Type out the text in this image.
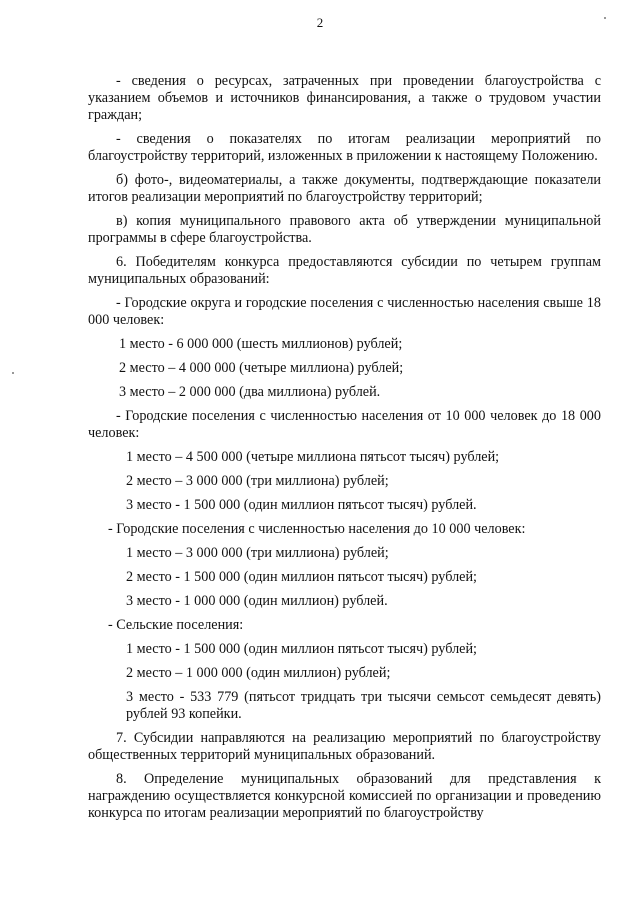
2

- сведения о ресурсах, затраченных при проведении благоустройства с указанием объемов и источников финансирования, а также о трудовом участии граждан;

- сведения о показателях по итогам реализации мероприятий по благоустройству территорий, изложенных в приложении к настоящему Положению.

б) фото-, видеоматериалы, а также документы, подтверждающие показатели итогов реализации мероприятий по благоустройству территорий;

в) копия муниципального правового акта об утверждении муниципальной программы в сфере благоустройства.

6. Победителям конкурса предоставляются субсидии по четырем группам муниципальных образований:

- Городские округа и городские поселения с численностью населения свыше 18 000 человек:

1 место - 6 000 000 (шесть миллионов) рублей;

2 место – 4 000 000 (четыре миллиона) рублей;

3 место – 2 000 000 (два миллиона) рублей.

- Городские поселения с численностью населения от 10 000 человек до 18 000 человек:

1 место – 4 500 000 (четыре миллиона пятьсот тысяч) рублей;

2 место – 3 000 000 (три миллиона) рублей;

3 место - 1 500 000 (один миллион пятьсот тысяч) рублей.

- Городские поселения с численностью населения до 10 000 человек:

1 место – 3 000 000 (три миллиона) рублей;

2 место - 1 500 000 (один миллион пятьсот тысяч) рублей;

3 место - 1 000 000 (один миллион) рублей.

- Сельские поселения:

1 место - 1 500 000 (один миллион пятьсот тысяч) рублей;

2 место – 1 000 000 (один миллион) рублей;

3 место - 533 779 (пятьсот тридцать три тысячи семьсот семьдесят девять) рублей 93 копейки.

7. Субсидии направляются на реализацию мероприятий по благоустройству общественных территорий муниципальных образований.

8. Определение муниципальных образований для представления к награждению осуществляется конкурсной комиссией по организации и проведению конкурса по итогам реализации мероприятий по благоустройству
